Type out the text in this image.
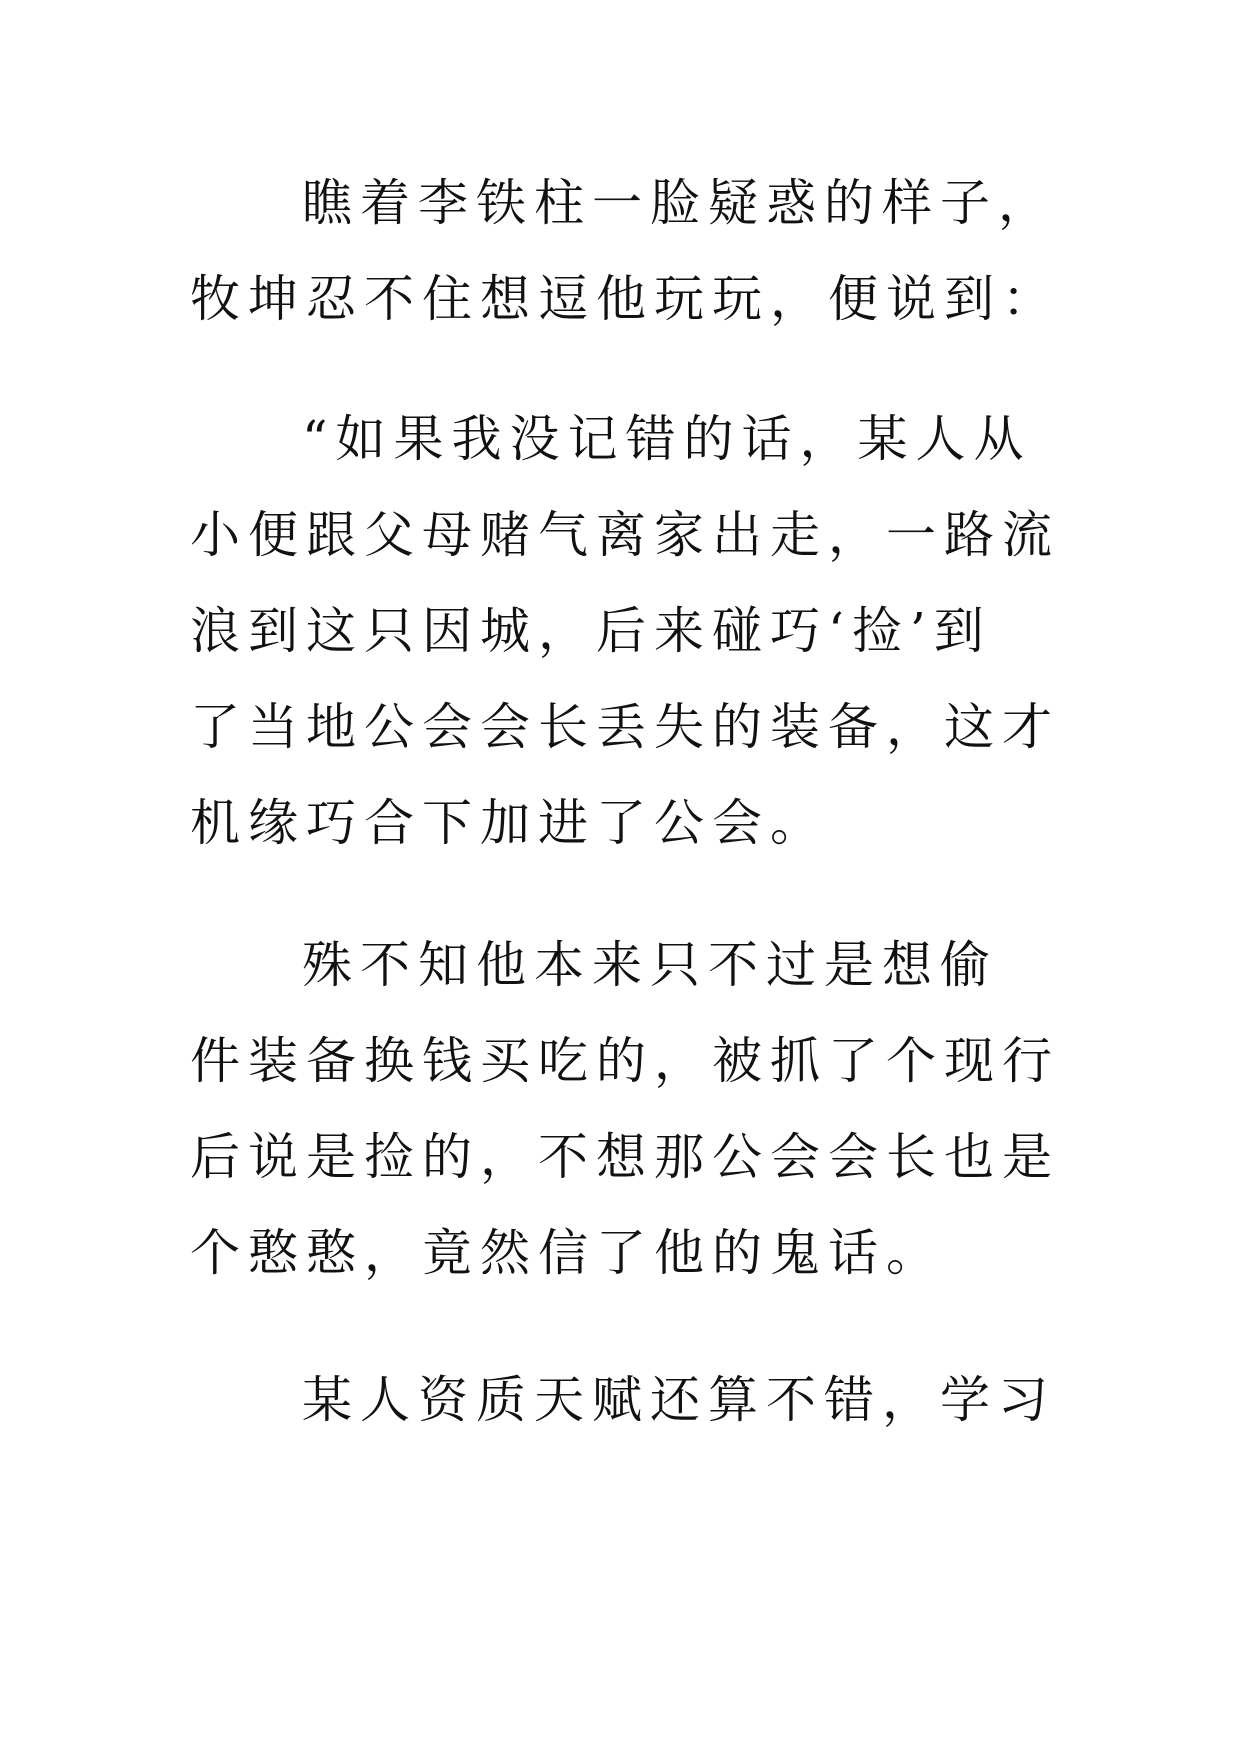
瞧着李铁柱一脸疑惑的样子，
牧坤忍不住想逗他玩玩，便说到：
“如果我没记错的话，某人从
小便跟父母赌气离家出走，一路流
浪到这只因城，后来碰巧‘捡’到
了当地公会会长丢失的装备，这才
机缘巧合下加进了公会。
殊不知他本来只不过是想偷
件装备换钱买吃的，被抓了个现行
后说是捡的，不想那公会会长也是
个憨憨，竟然信了他的鬼话。
某人资质天赋还算不错，学习
